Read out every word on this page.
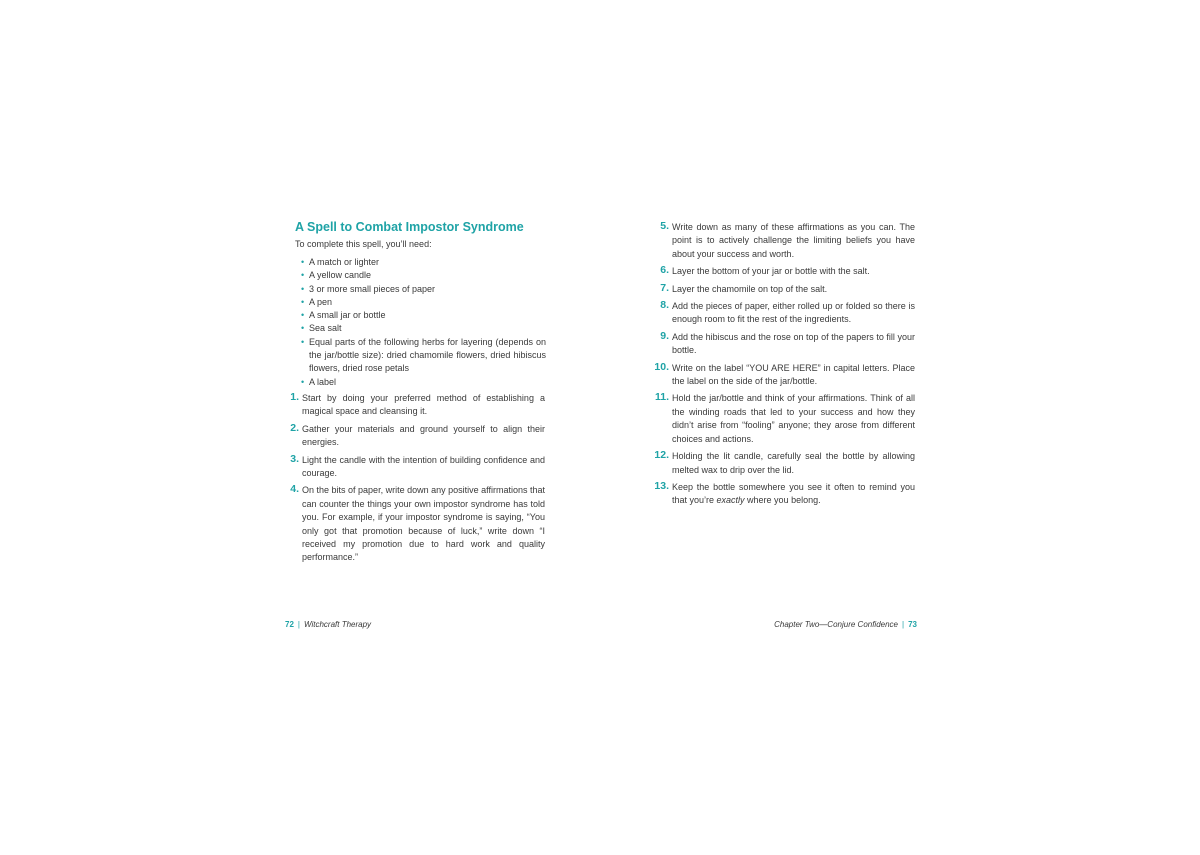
A Spell to Combat Impostor Syndrome
To complete this spell, you’ll need:
• A match or lighter
• A yellow candle
• 3 or more small pieces of paper
• A pen
• A small jar or bottle
• Sea salt
• Equal parts of the following herbs for layering (depends on the jar/bottle size): dried chamomile flowers, dried hibiscus flowers, dried rose petals
• A label
1. Start by doing your preferred method of establishing a magical space and cleansing it.
2. Gather your materials and ground yourself to align their energies.
3. Light the candle with the intention of building confidence and courage.
4. On the bits of paper, write down any positive affirmations that can counter the things your own impostor syndrome has told you. For example, if your impostor syndrome is saying, “You only got that promotion because of luck,” write down “I received my promotion due to hard work and quality performance.”
72 | Witchcraft Therapy
5. Write down as many of these affirmations as you can. The point is to actively challenge the limiting beliefs you have about your success and worth.
6. Layer the bottom of your jar or bottle with the salt.
7. Layer the chamomile on top of the salt.
8. Add the pieces of paper, either rolled up or folded so there is enough room to fit the rest of the ingredients.
9. Add the hibiscus and the rose on top of the papers to fill your bottle.
10. Write on the label “YOU ARE HERE” in capital letters. Place the label on the side of the jar/bottle.
11. Hold the jar/bottle and think of your affirmations. Think of all the winding roads that led to your success and how they didn’t arise from “fooling” anyone; they arose from different choices and actions.
12. Holding the lit candle, carefully seal the bottle by allowing melted wax to drip over the lid.
13. Keep the bottle somewhere you see it often to remind you that you’re exactly where you belong.
Chapter Two—Conjure Confidence | 73
